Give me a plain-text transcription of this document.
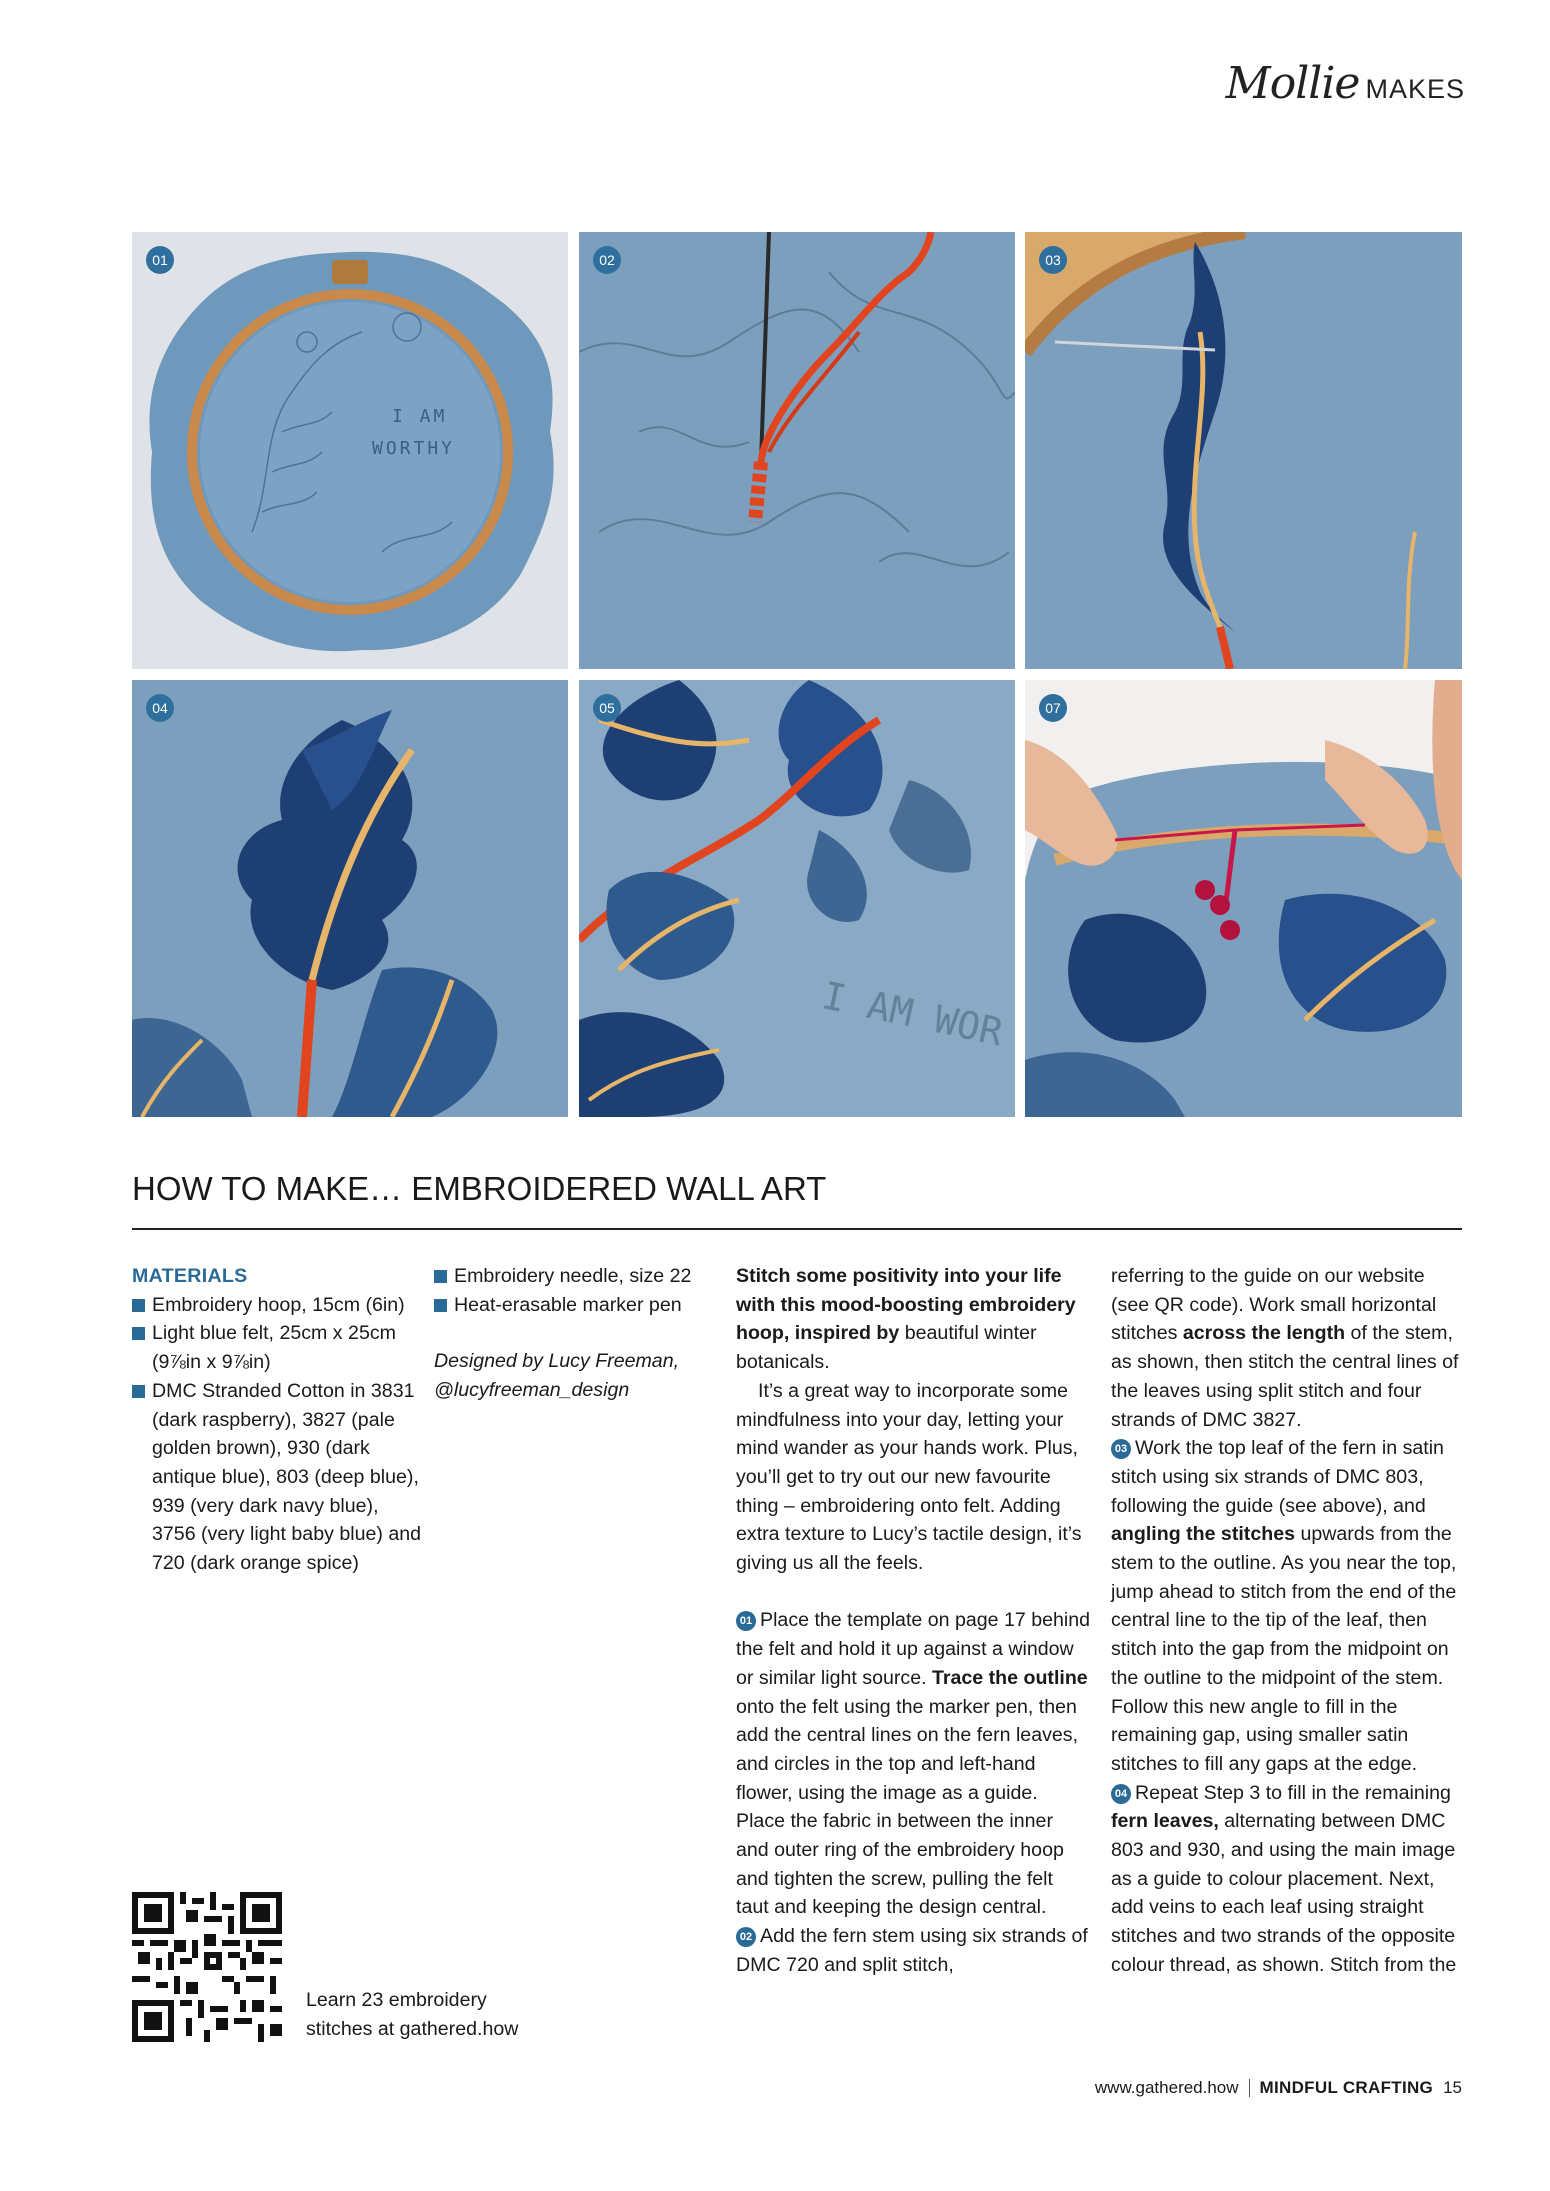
Mollie MAKES
I AM
WORTHY
01	02	03
04
I AM WOR
05	07
HOW TO MAKE… EMBROIDERED WALL ART
MATERIALS
Embroidery hoop, 15cm (6in)
Light blue felt, 25cm x 25cm (9⅞in x 9⅞in)
DMC Stranded Cotton in 3831 (dark raspberry), 3827 (pale golden brown), 930 (dark antique blue), 803 (deep blue), 939 (very dark navy blue), 3756 (very light baby blue) and 720 (dark orange spice)
Embroidery needle, size 22
Heat-erasable marker pen

Designed by Lucy Freeman, @lucyfreeman_design

Stitch some positivity into your life with this mood-boosting embroidery hoop, inspired by beautiful winter botanicals.

It’s a great way to incorporate some mindfulness into your day, letting your mind wander as your hands work. Plus, you’ll get to try out our new favourite thing – embroidering onto felt. Adding extra texture to Lucy’s tactile design, it’s giving us all the feels.

01 Place the template on page 17 behind the felt and hold it up against a window or similar light source. Trace the outline onto the felt using the marker pen, then add the central lines on the fern leaves, and circles in the top and left-hand flower, using the image as a guide. Place the fabric in between the inner and outer ring of the embroidery hoop and tighten the screw, pulling the felt taut and keeping the design central.

02 Add the fern stem using six strands of DMC 720 and split stitch,

referring to the guide on our website (see QR code). Work small horizontal stitches across the length of the stem, as shown, then stitch the central lines of the leaves using split stitch and four strands of DMC 3827.

03 Work the top leaf of the fern in satin stitch using six strands of DMC 803, following the guide (see above), and angling the stitches upwards from the stem to the outline. As you near the top, jump ahead to stitch from the end of the central line to the tip of the leaf, then stitch into the gap from the midpoint on the outline to the midpoint of the stem. Follow this new angle to fill in the remaining gap, using smaller satin stitches to fill any gaps at the edge.

04 Repeat Step 3 to fill in the remaining fern leaves, alternating between DMC 803 and 930, and using the main image as a guide to colour placement. Next, add veins to each leaf using straight stitches and two strands of the opposite colour thread, as shown. Stitch from the

Learn 23 embroidery stitches at gathered.how
www.gathered.how MINDFUL CRAFTING 15
